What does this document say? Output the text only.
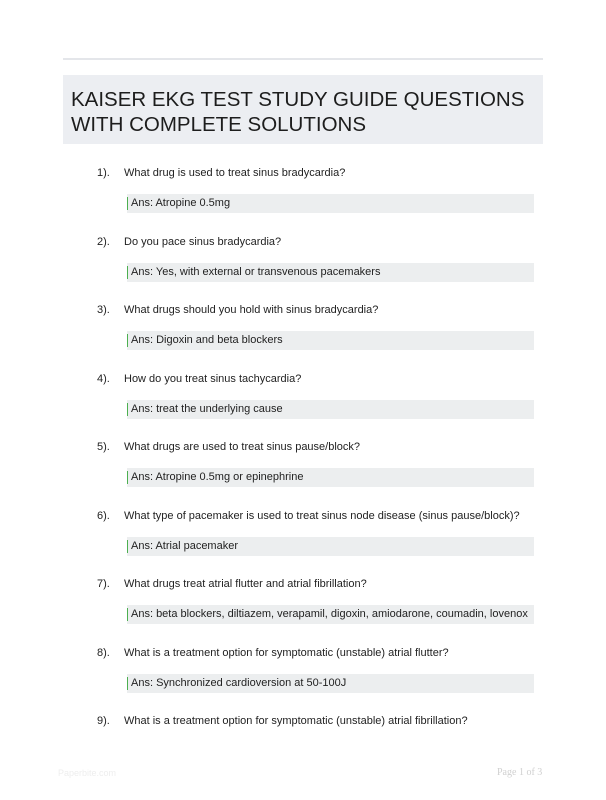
KAISER EKG TEST STUDY GUIDE QUESTIONS WITH COMPLETE SOLUTIONS
1). What drug is used to treat sinus bradycardia?
Ans: Atropine 0.5mg
2). Do you pace sinus bradycardia?
Ans: Yes, with external or transvenous pacemakers
3). What drugs should you hold with sinus bradycardia?
Ans: Digoxin and beta blockers
4). How do you treat sinus tachycardia?
Ans: treat the underlying cause
5). What drugs are used to treat sinus pause/block?
Ans: Atropine 0.5mg or epinephrine
6). What type of pacemaker is used to treat sinus node disease (sinus pause/block)?
Ans: Atrial pacemaker
7). What drugs treat atrial flutter and atrial fibrillation?
Ans: beta blockers, diltiazem, verapamil, digoxin, amiodarone, coumadin, lovenox
8). What is a treatment option for symptomatic (unstable) atrial flutter?
Ans: Synchronized cardioversion at 50-100J
9). What is a treatment option for symptomatic (unstable) atrial fibrillation?
Paperbite.com	Page 1 of 3
